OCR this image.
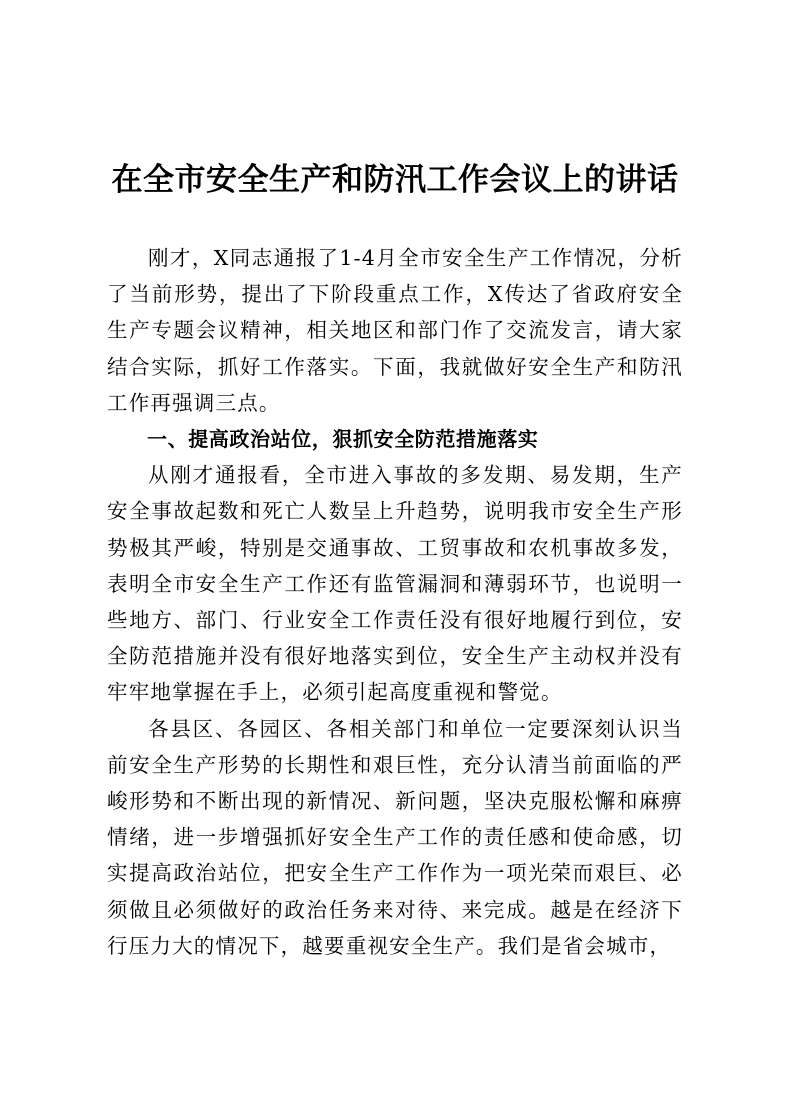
在全市安全生产和防汛工作会议上的讲话

刚才，X同志通报了1-4月全市安全生产工作情况，分析了当前形势，提出了下阶段重点工作，X传达了省政府安全生产专题会议精神，相关地区和部门作了交流发言，请大家结合实际，抓好工作落实。下面，我就做好安全生产和防汛工作再强调三点。

一、提高政治站位，狠抓安全防范措施落实

从刚才通报看，全市进入事故的多发期、易发期，生产安全事故起数和死亡人数呈上升趋势，说明我市安全生产形势极其严峻，特别是交通事故、工贸事故和农机事故多发，表明全市安全生产工作还有监管漏洞和薄弱环节，也说明一些地方、部门、行业安全工作责任没有很好地履行到位，安全防范措施并没有很好地落实到位，安全生产主动权并没有牢牢地掌握在手上，必须引起高度重视和警觉。

各县区、各园区、各相关部门和单位一定要深刻认识当前安全生产形势的长期性和艰巨性，充分认清当前面临的严峻形势和不断出现的新情况、新问题，坚决克服松懈和麻痹情绪，进一步增强抓好安全生产工作的责任感和使命感，切实提高政治站位，把安全生产工作作为一项光荣而艰巨、必须做且必须做好的政治任务来对待、来完成。越是在经济下行压力大的情况下，越要重视安全生产。我们是省会城市，
